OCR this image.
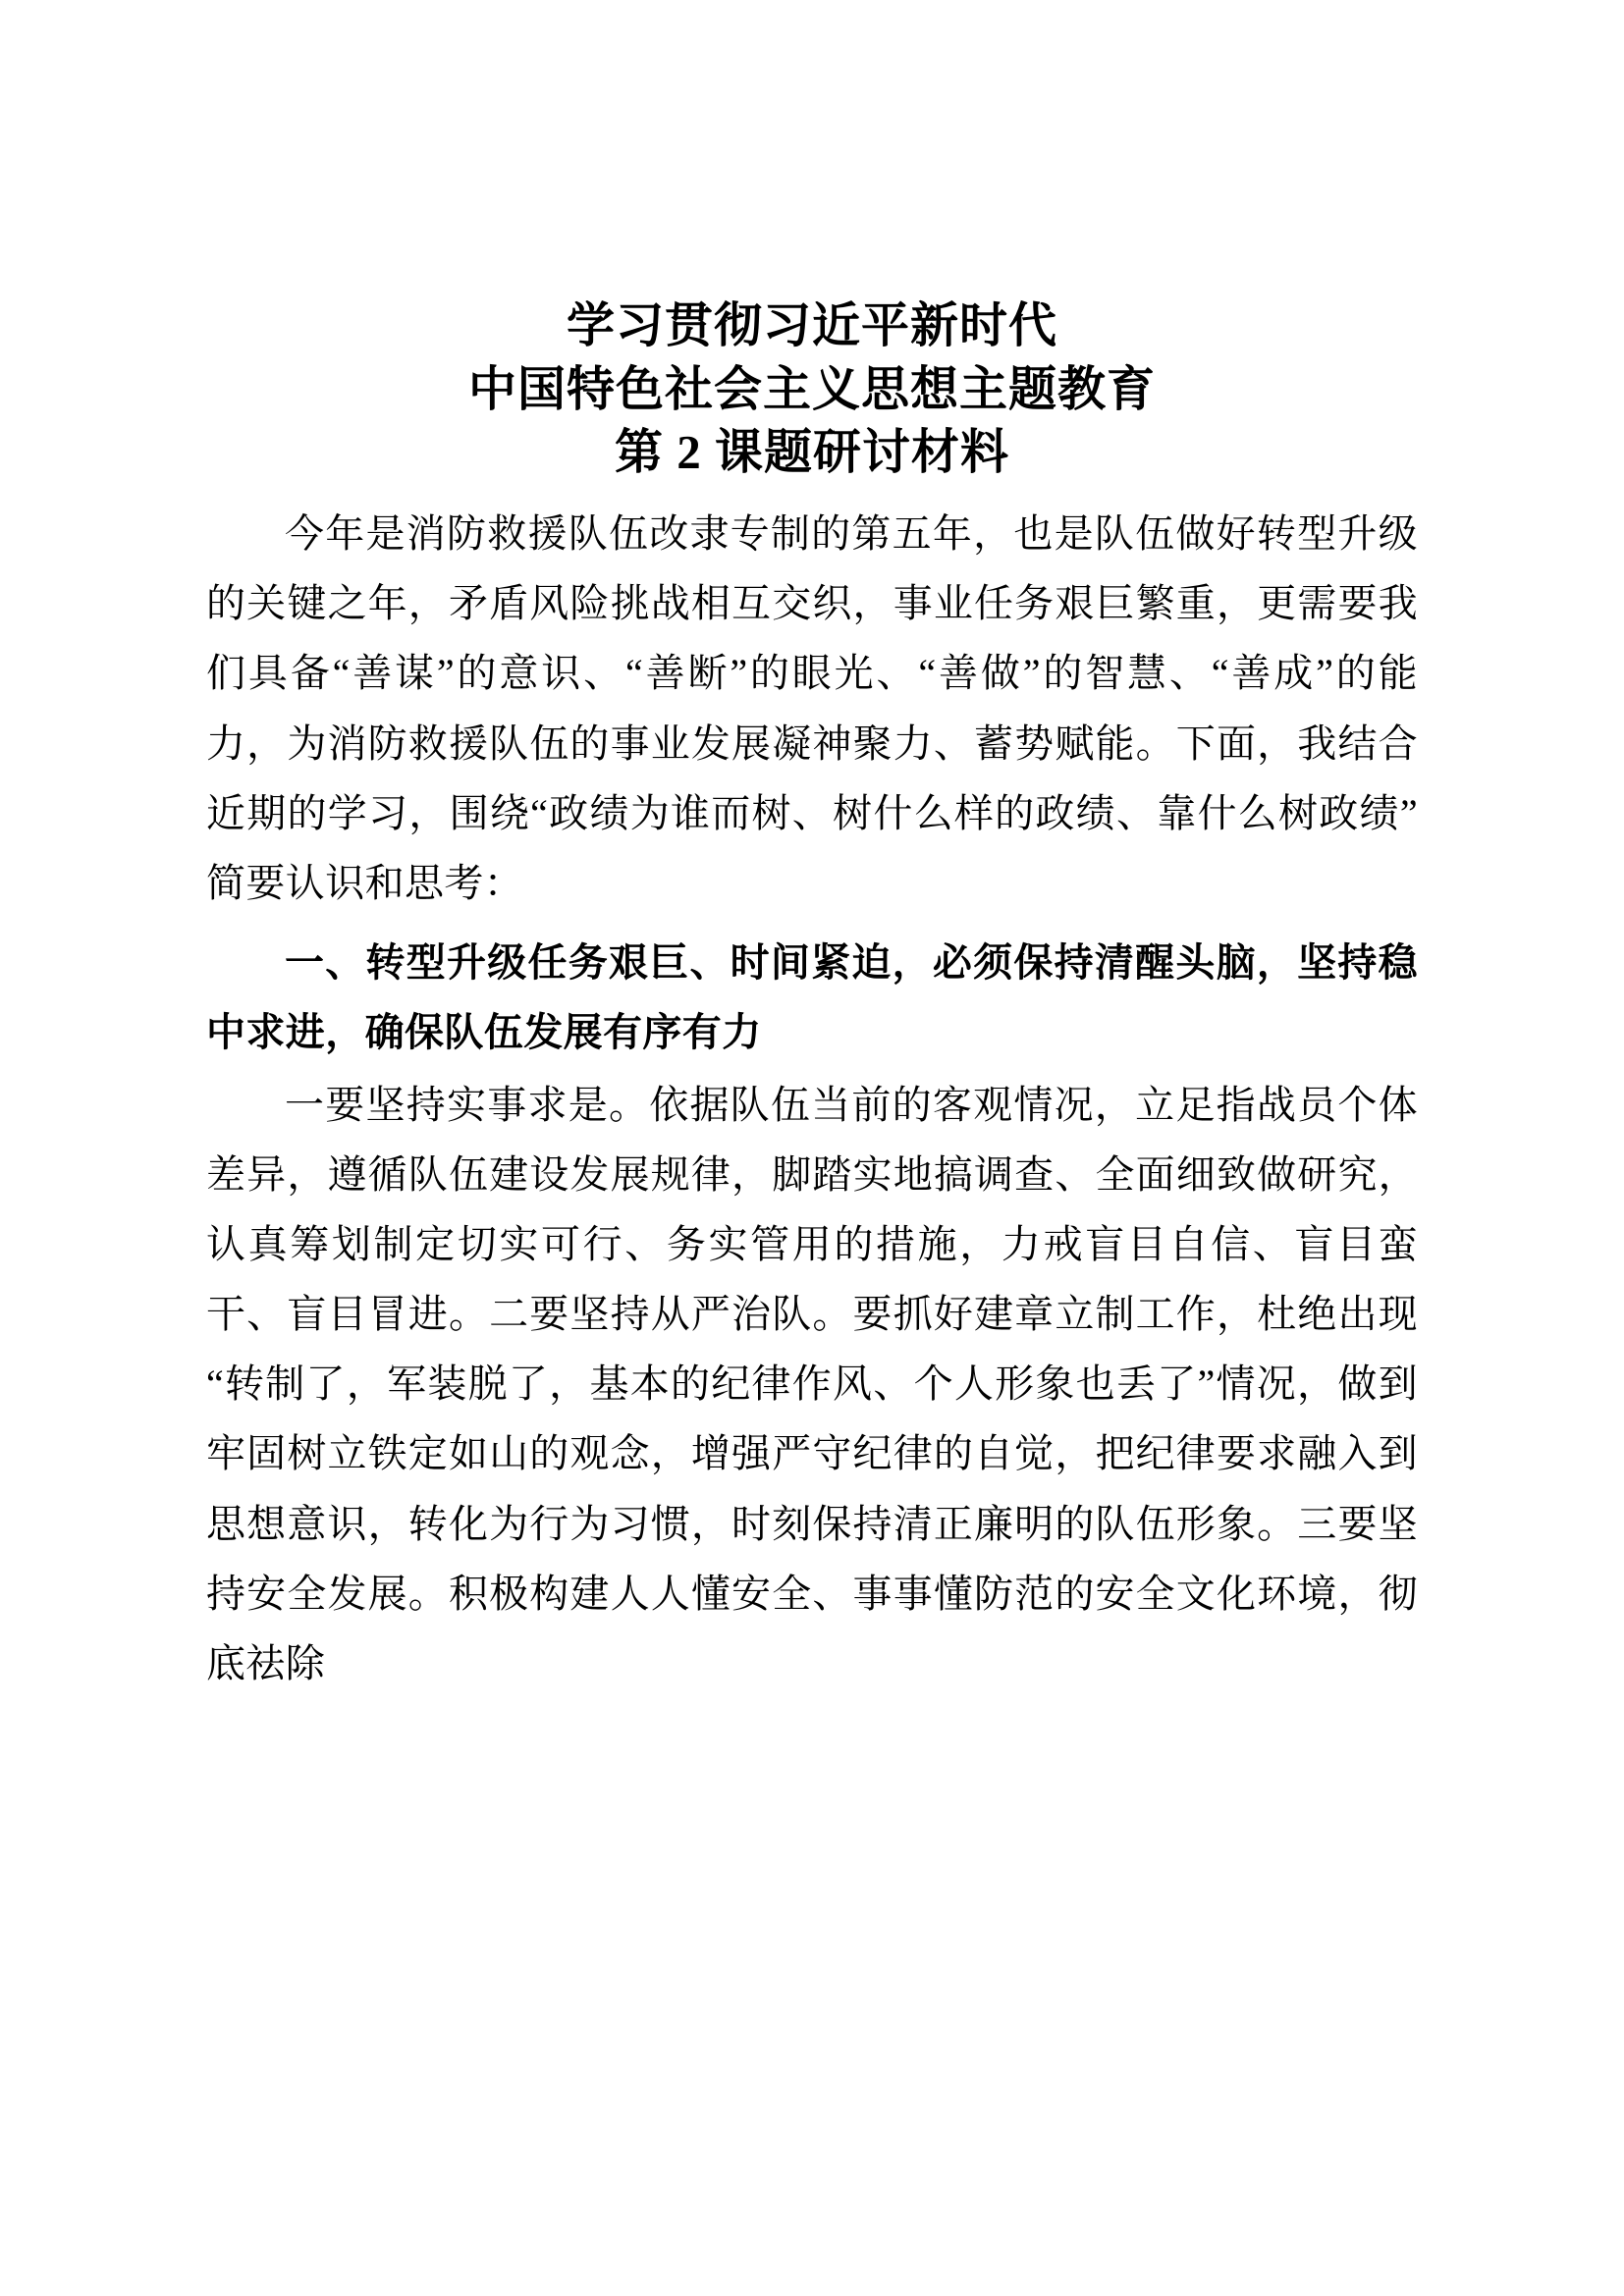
学习贯彻习近平新时代
中国特色社会主义思想主题教育
第 2 课题研讨材料

今年是消防救援队伍改隶专制的第五年，也是队伍做好转型升级的关键之年，矛盾风险挑战相互交织，事业任务艰巨繁重，更需要我们具备“善谋”的意识、“善断”的眼光、“善做”的智慧、“善成”的能力，为消防救援队伍的事业发展凝神聚力、蓄势赋能。下面，我结合近期的学习，围绕“政绩为谁而树、树什么样的政绩、靠什么树政绩”简要认识和思考：

一、转型升级任务艰巨、时间紧迫，必须保持清醒头脑，坚持稳中求进，确保队伍发展有序有力

一要坚持实事求是。依据队伍当前的客观情况，立足指战员个体差异，遵循队伍建设发展规律，脚踏实地搞调查、全面细致做研究，认真筹划制定切实可行、务实管用的措施，力戒盲目自信、盲目蛮干、盲目冒进。二要坚持从严治队。要抓好建章立制工作，杜绝出现“转制了，军装脱了，基本的纪律作风、个人形象也丢了”情况，做到牢固树立铁定如山的观念，增强严守纪律的自觉，把纪律要求融入到思想意识，转化为行为习惯，时刻保持清正廉明的队伍形象。三要坚持安全发展。积极构建人人懂安全、事事懂防范的安全文化环境，彻底祛除
